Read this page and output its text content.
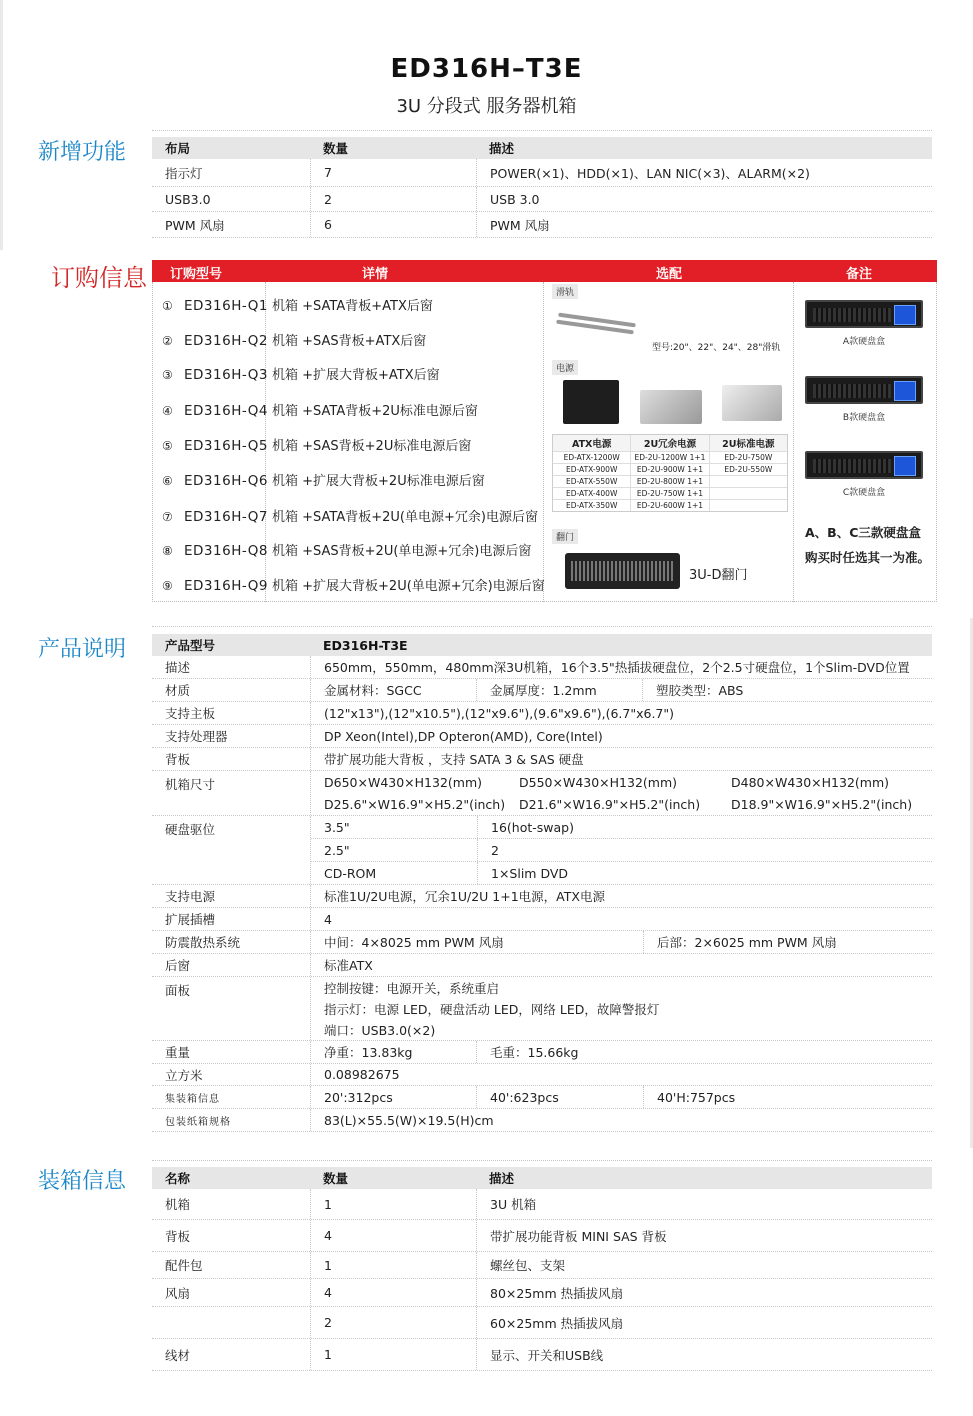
ED316H–T3E
3U 分段式 服务器机箱
新增功能	布局	数量	描述
指示灯	7	POWER(×1)、HDD(×1)、LAN NIC(×3)、ALARM(×2)
USB3.0	2	USB 3.0
PWM 风扇	6	PWM 风扇
订购信息 订购型号	详情	选配	备注
① ED316H-Q1 机箱 +SATA背板+ATX后窗
② ED316H-Q2 机箱 +SAS背板+ATX后窗
③ ED316H-Q3 机箱 +扩展大背板+ATX后窗
④ ED316H-Q4 机箱 +SATA背板+2U标准电源后窗
⑤ ED316H-Q5 机箱 +SAS背板+2U标准电源后窗
⑥ ED316H-Q6 机箱 +扩展大背板+2U标准电源后窗
⑦ ED316H-Q7 机箱 +SATA背板+2U(单电源+冗余)电源后窗
⑧ ED316H-Q8 机箱 +SAS背板+2U(单电源+冗余)电源后窗
⑨ ED316H-Q9 机箱 +扩展大背板+2U(单电源+冗余)电源后窗
滑轨
型号:20"、22"、24"、28"滑轨
电源
ATX电源	2U冗余电源	2U标准电源
ED-ATX-1200W	ED-2U-1200W 1+1	ED-2U-750W
ED-ATX-900W	ED-2U-900W 1+1	ED-2U-550W
ED-ATX-550W	ED-2U-800W 1+1
ED-ATX-400W	ED-2U-750W 1+1
ED-ATX-350W	ED-2U-600W 1+1
翻门
3U-D翻门
A款硬盘盒
B款硬盘盒
C款硬盘盒
A、B、C三款硬盘盒
购买时任选其一为准。
产品说明	产品型号	ED316H-T3E
描述	650mm，550mm，480mm深3U机箱，16个3.5"热插拔硬盘位，2个2.5寸硬盘位，1个Slim-DVD位置
材质	金属材料：SGCC	金属厚度：1.2mm	塑胶类型：ABS
支持主板	(12"x13"),(12"x10.5"),(12"x9.6"),(9.6"x9.6"),(6.7"x6.7")
支持处理器	DP Xeon(Intel),DP Opteron(AMD), Core(Intel)
背板	带扩展功能大背板 ，支持 SATA 3 & SAS 硬盘
机箱尺寸	D650×W430×H132(mm)	D550×W430×H132(mm)	D480×W430×H132(mm)
D25.6"×W16.9"×H5.2"(inch)	D21.6"×W16.9"×H5.2"(inch)	D18.9"×W16.9"×H5.2"(inch)
硬盘驱位	3.5"	16(hot-swap)
2.5"	2
CD-ROM	1×Slim DVD
支持电源	标准1U/2U电源，冗余1U/2U 1+1电源，ATX电源
扩展插槽	4
防震散热系统	中间：4×8025 mm PWM 风扇	后部：2×6025 mm PWM 风扇
后窗	标准ATX
面板	控制按键：电源开关，系统重启
指示灯：电源 LED，硬盘活动 LED，网络 LED，故障警报灯
端口：USB3.0(×2)
重量	净重：13.83kg	毛重：15.66kg
立方米	0.08982675
集装箱信息	20':312pcs	40':623pcs	40'H:757pcs
包装纸箱规格	83(L)×55.5(W)×19.5(H)cm
装箱信息	名称	数量	描述
机箱	1	3U 机箱
背板	4	带扩展功能背板 MINI SAS 背板
配件包	1	螺丝包、支架
风扇	4	80×25mm 热插拔风扇
2	60×25mm 热插拔风扇
线材	1	显示、开关和USB线
